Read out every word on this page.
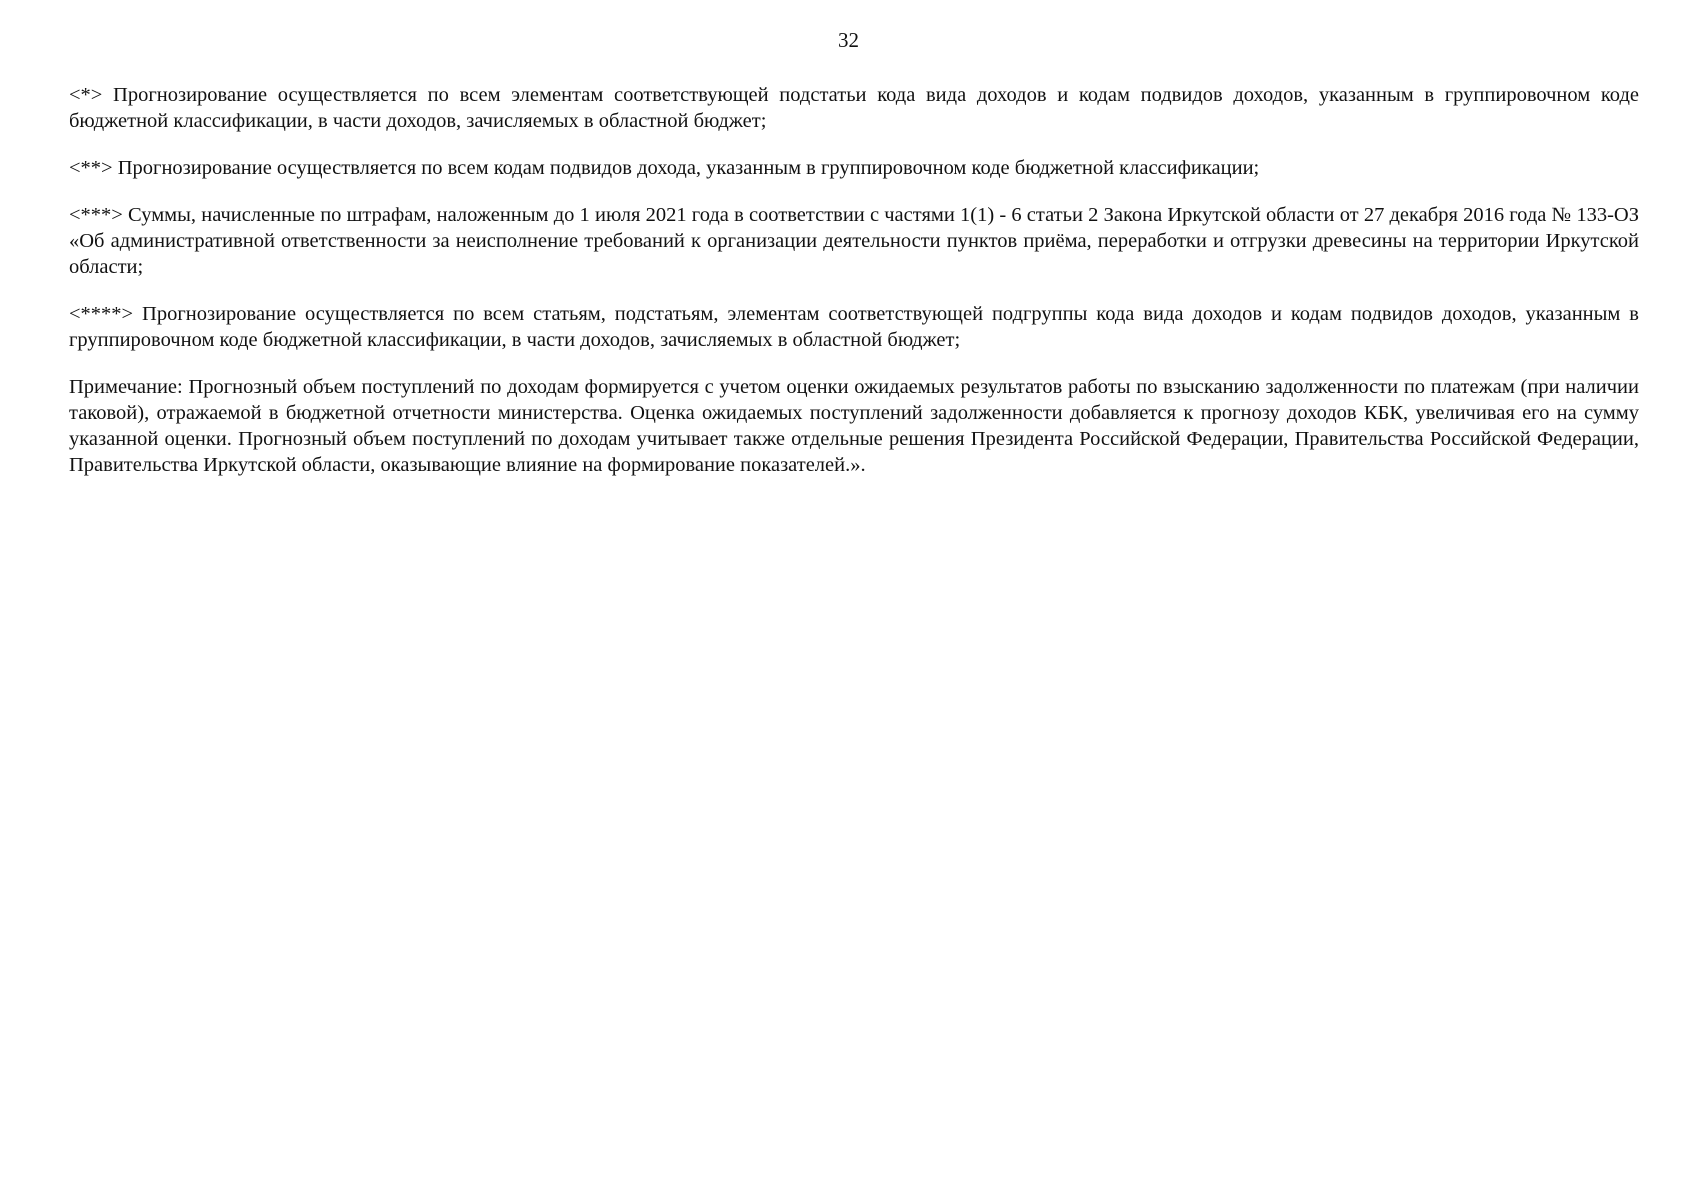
32

<*> Прогнозирование осуществляется по всем элементам соответствующей подстатьи кода вида доходов и кодам подвидов доходов, указанным в группировочном коде бюджетной классификации, в части доходов, зачисляемых в областной бюджет;

<**> Прогнозирование осуществляется по всем кодам подвидов дохода, указанным в группировочном коде бюджетной классификации;

<***> Суммы, начисленные по штрафам, наложенным до 1 июля 2021 года в соответствии с частями 1(1) - 6 статьи 2 Закона Иркутской области от 27 декабря 2016 года № 133-ОЗ «Об административной ответственности за неисполнение требований к организации деятельности пунктов приёма, переработки и отгрузки древесины на территории Иркутской области;

<****> Прогнозирование осуществляется по всем статьям, подстатьям, элементам соответствующей подгруппы кода вида доходов и кодам подвидов доходов, указанным в группировочном коде бюджетной классификации, в части доходов, зачисляемых в областной бюджет;

Примечание: Прогнозный объем поступлений по доходам формируется с учетом оценки ожидаемых результатов работы по взысканию задолженности по платежам (при наличии таковой), отражаемой в бюджетной отчетности министерства. Оценка ожидаемых поступлений задолженности добавляется к прогнозу доходов КБК, увеличивая его на сумму указанной оценки. Прогнозный объем поступлений по доходам учитывает также отдельные решения Президента Российской Федерации, Правительства Российской Федерации, Правительства Иркутской области, оказывающие влияние на формирование показателей.».
